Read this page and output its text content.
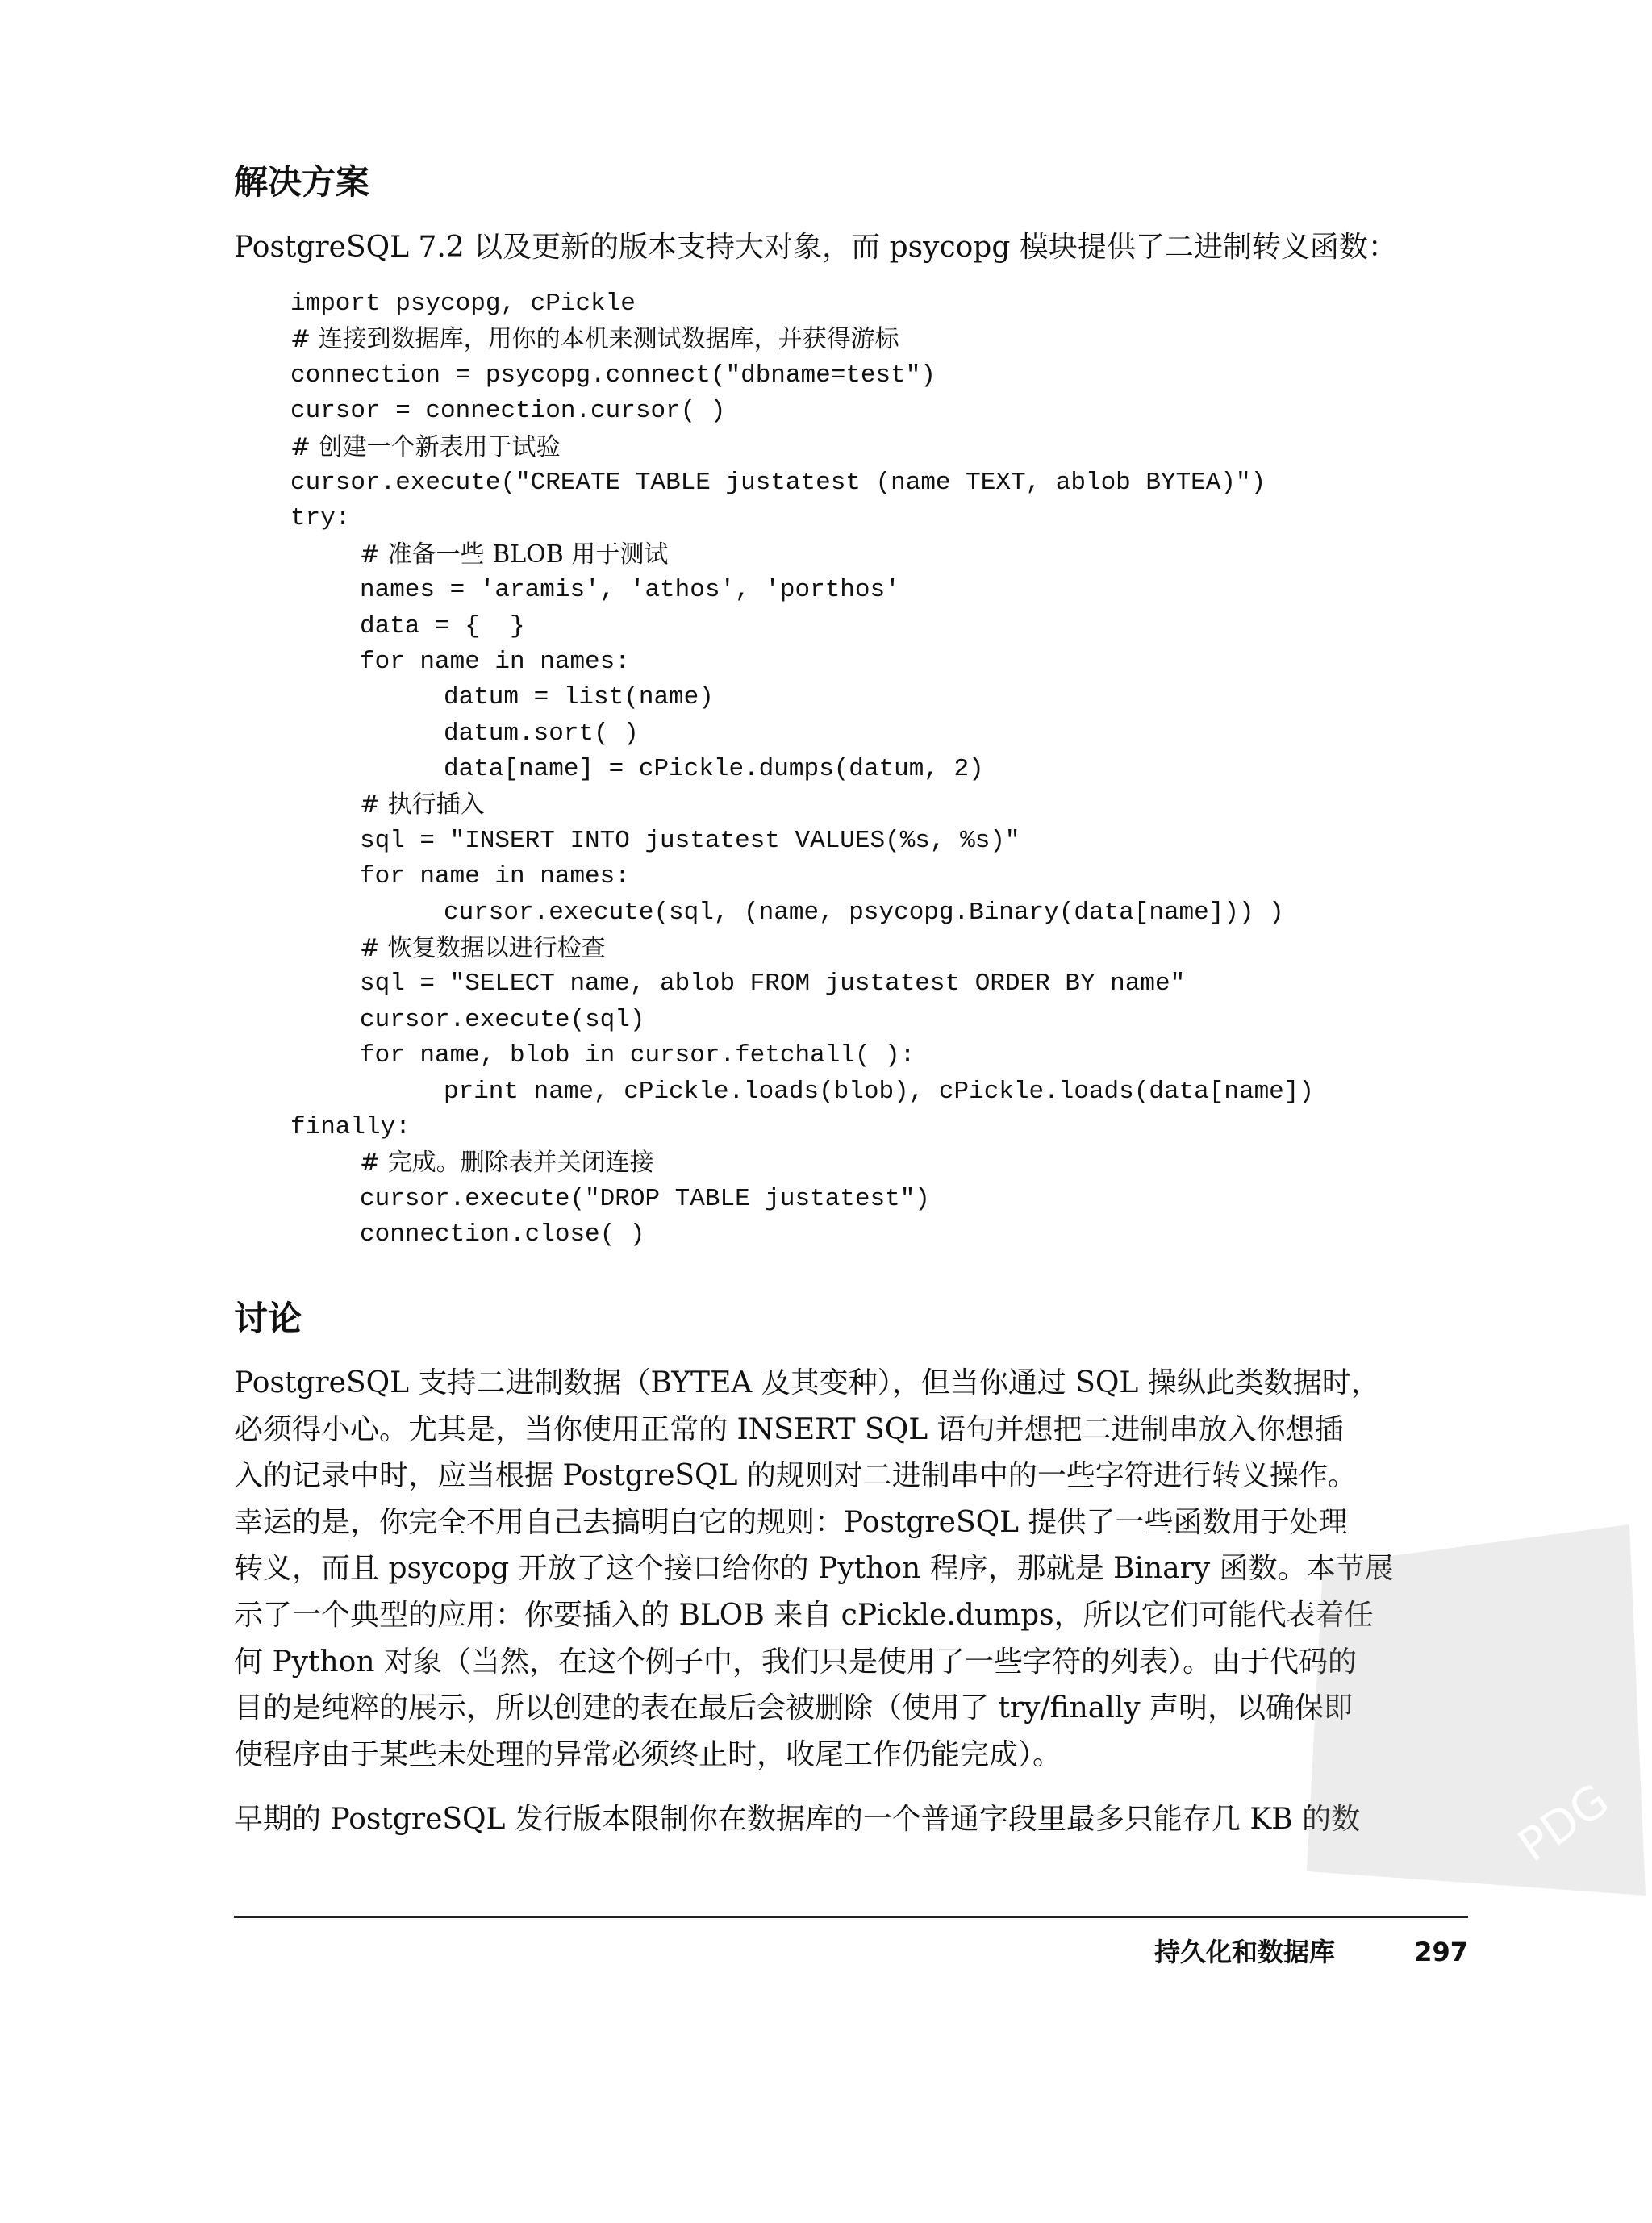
解决方案

PostgreSQL 7.2 以及更新的版本支持大对象，而 psycopg 模块提供了二进制转义函数：

import psycopg, cPickle
# 连接到数据库，用你的本机来测试数据库，并获得游标
connection = psycopg.connect("dbname=test")
cursor = connection.cursor( )
# 创建一个新表用于试验
cursor.execute("CREATE TABLE justatest (name TEXT, ablob BYTEA)")
try:
# 准备一些 BLOB 用于测试
names = 'aramis', 'athos', 'porthos'
data = {  }
for name in names:
datum = list(name)
datum.sort( )
data[name] = cPickle.dumps(datum, 2)
# 执行插入
sql = "INSERT INTO justatest VALUES(%s, %s)"
for name in names:
cursor.execute(sql, (name, psycopg.Binary(data[name])) )
# 恢复数据以进行检查
sql = "SELECT name, ablob FROM justatest ORDER BY name"
cursor.execute(sql)
for name, blob in cursor.fetchall( ):
print name, cPickle.loads(blob), cPickle.loads(data[name])
finally:
# 完成。删除表并关闭连接
cursor.execute("DROP TABLE justatest")
connection.close( )
讨论
PostgreSQL 支持二进制数据（BYTEA 及其变种），但当你通过 SQL 操纵此类数据时，
必须得小心。尤其是，当你使用正常的 INSERT SQL 语句并想把二进制串放入你想插
入的记录中时，应当根据 PostgreSQL 的规则对二进制串中的一些字符进行转义操作。
幸运的是，你完全不用自己去搞明白它的规则：PostgreSQL 提供了一些函数用于处理
转义，而且 psycopg 开放了这个接口给你的 Python 程序，那就是 Binary 函数。本节展
示了一个典型的应用：你要插入的 BLOB 来自 cPickle.dumps，所以它们可能代表着任
何 Python 对象（当然，在这个例子中，我们只是使用了一些字符的列表）。由于代码的
目的是纯粹的展示，所以创建的表在最后会被删除（使用了 try/finally 声明，以确保即
使程序由于某些未处理的异常必须终止时，收尾工作仍能完成）。
早期的 PostgreSQL 发行版本限制你在数据库的一个普通字段里最多只能存几 KB 的数
持久化和数据库	297
PDG
